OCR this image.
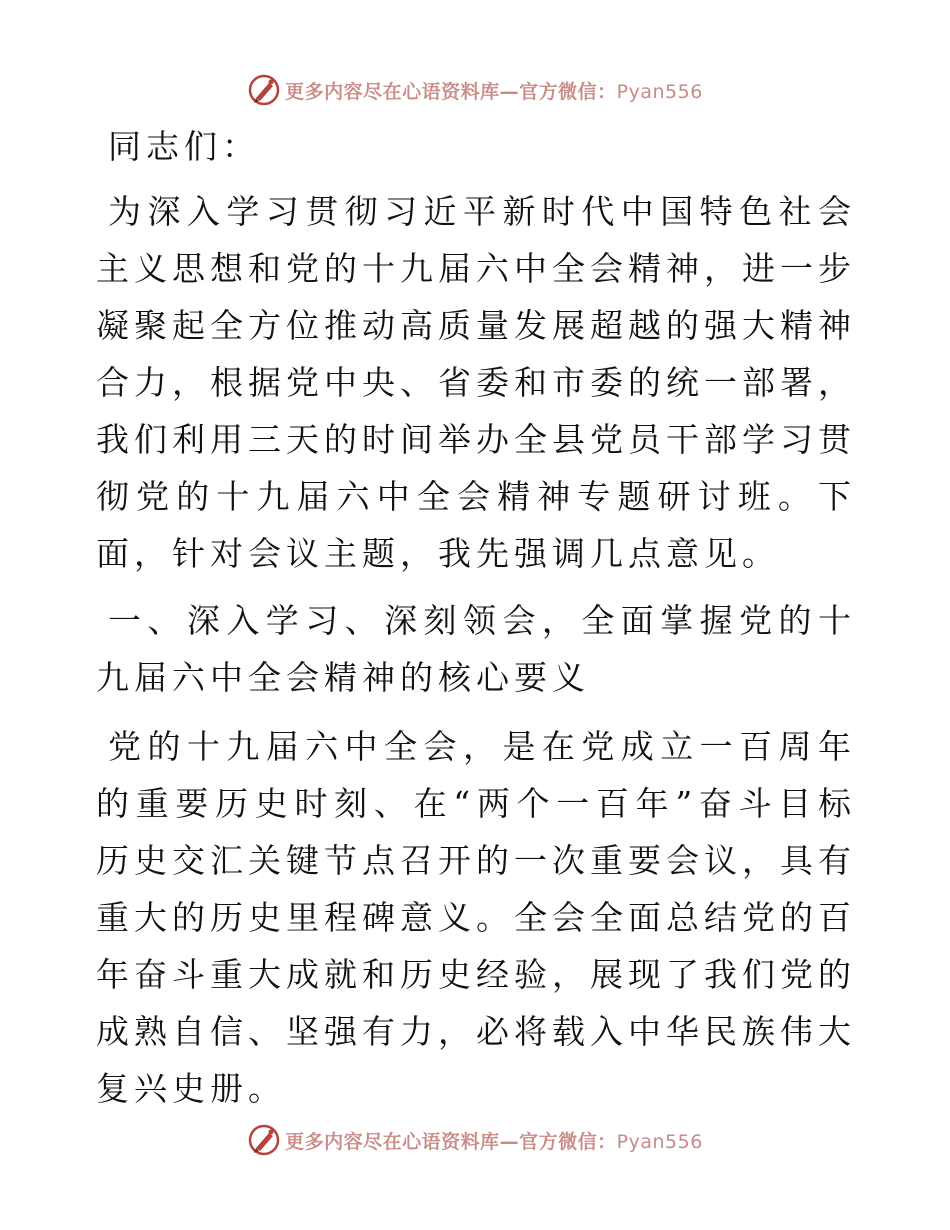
更多内容尽在心语资料库—官方微信：Pyan556

同志们：

为深入学习贯彻习近平新时代中国特色社会主义思想和党的十九届六中全会精神，进一步凝聚起全方位推动高质量发展超越的强大精神合力，根据党中央、省委和市委的统一部署，我们利用三天的时间举办全县党员干部学习贯彻党的十九届六中全会精神专题研讨班。下面，针对会议主题，我先强调几点意见。

一、深入学习、深刻领会，全面掌握党的十九届六中全会精神的核心要义

党的十九届六中全会，是在党成立一百周年的重要历史时刻、在“两个一百年”奋斗目标历史交汇关键节点召开的一次重要会议，具有重大的历史里程碑意义。全会全面总结党的百年奋斗重大成就和历史经验，展现了我们党的成熟自信、坚强有力，必将载入中华民族伟大复兴史册。

更多内容尽在心语资料库—官方微信：Pyan556
